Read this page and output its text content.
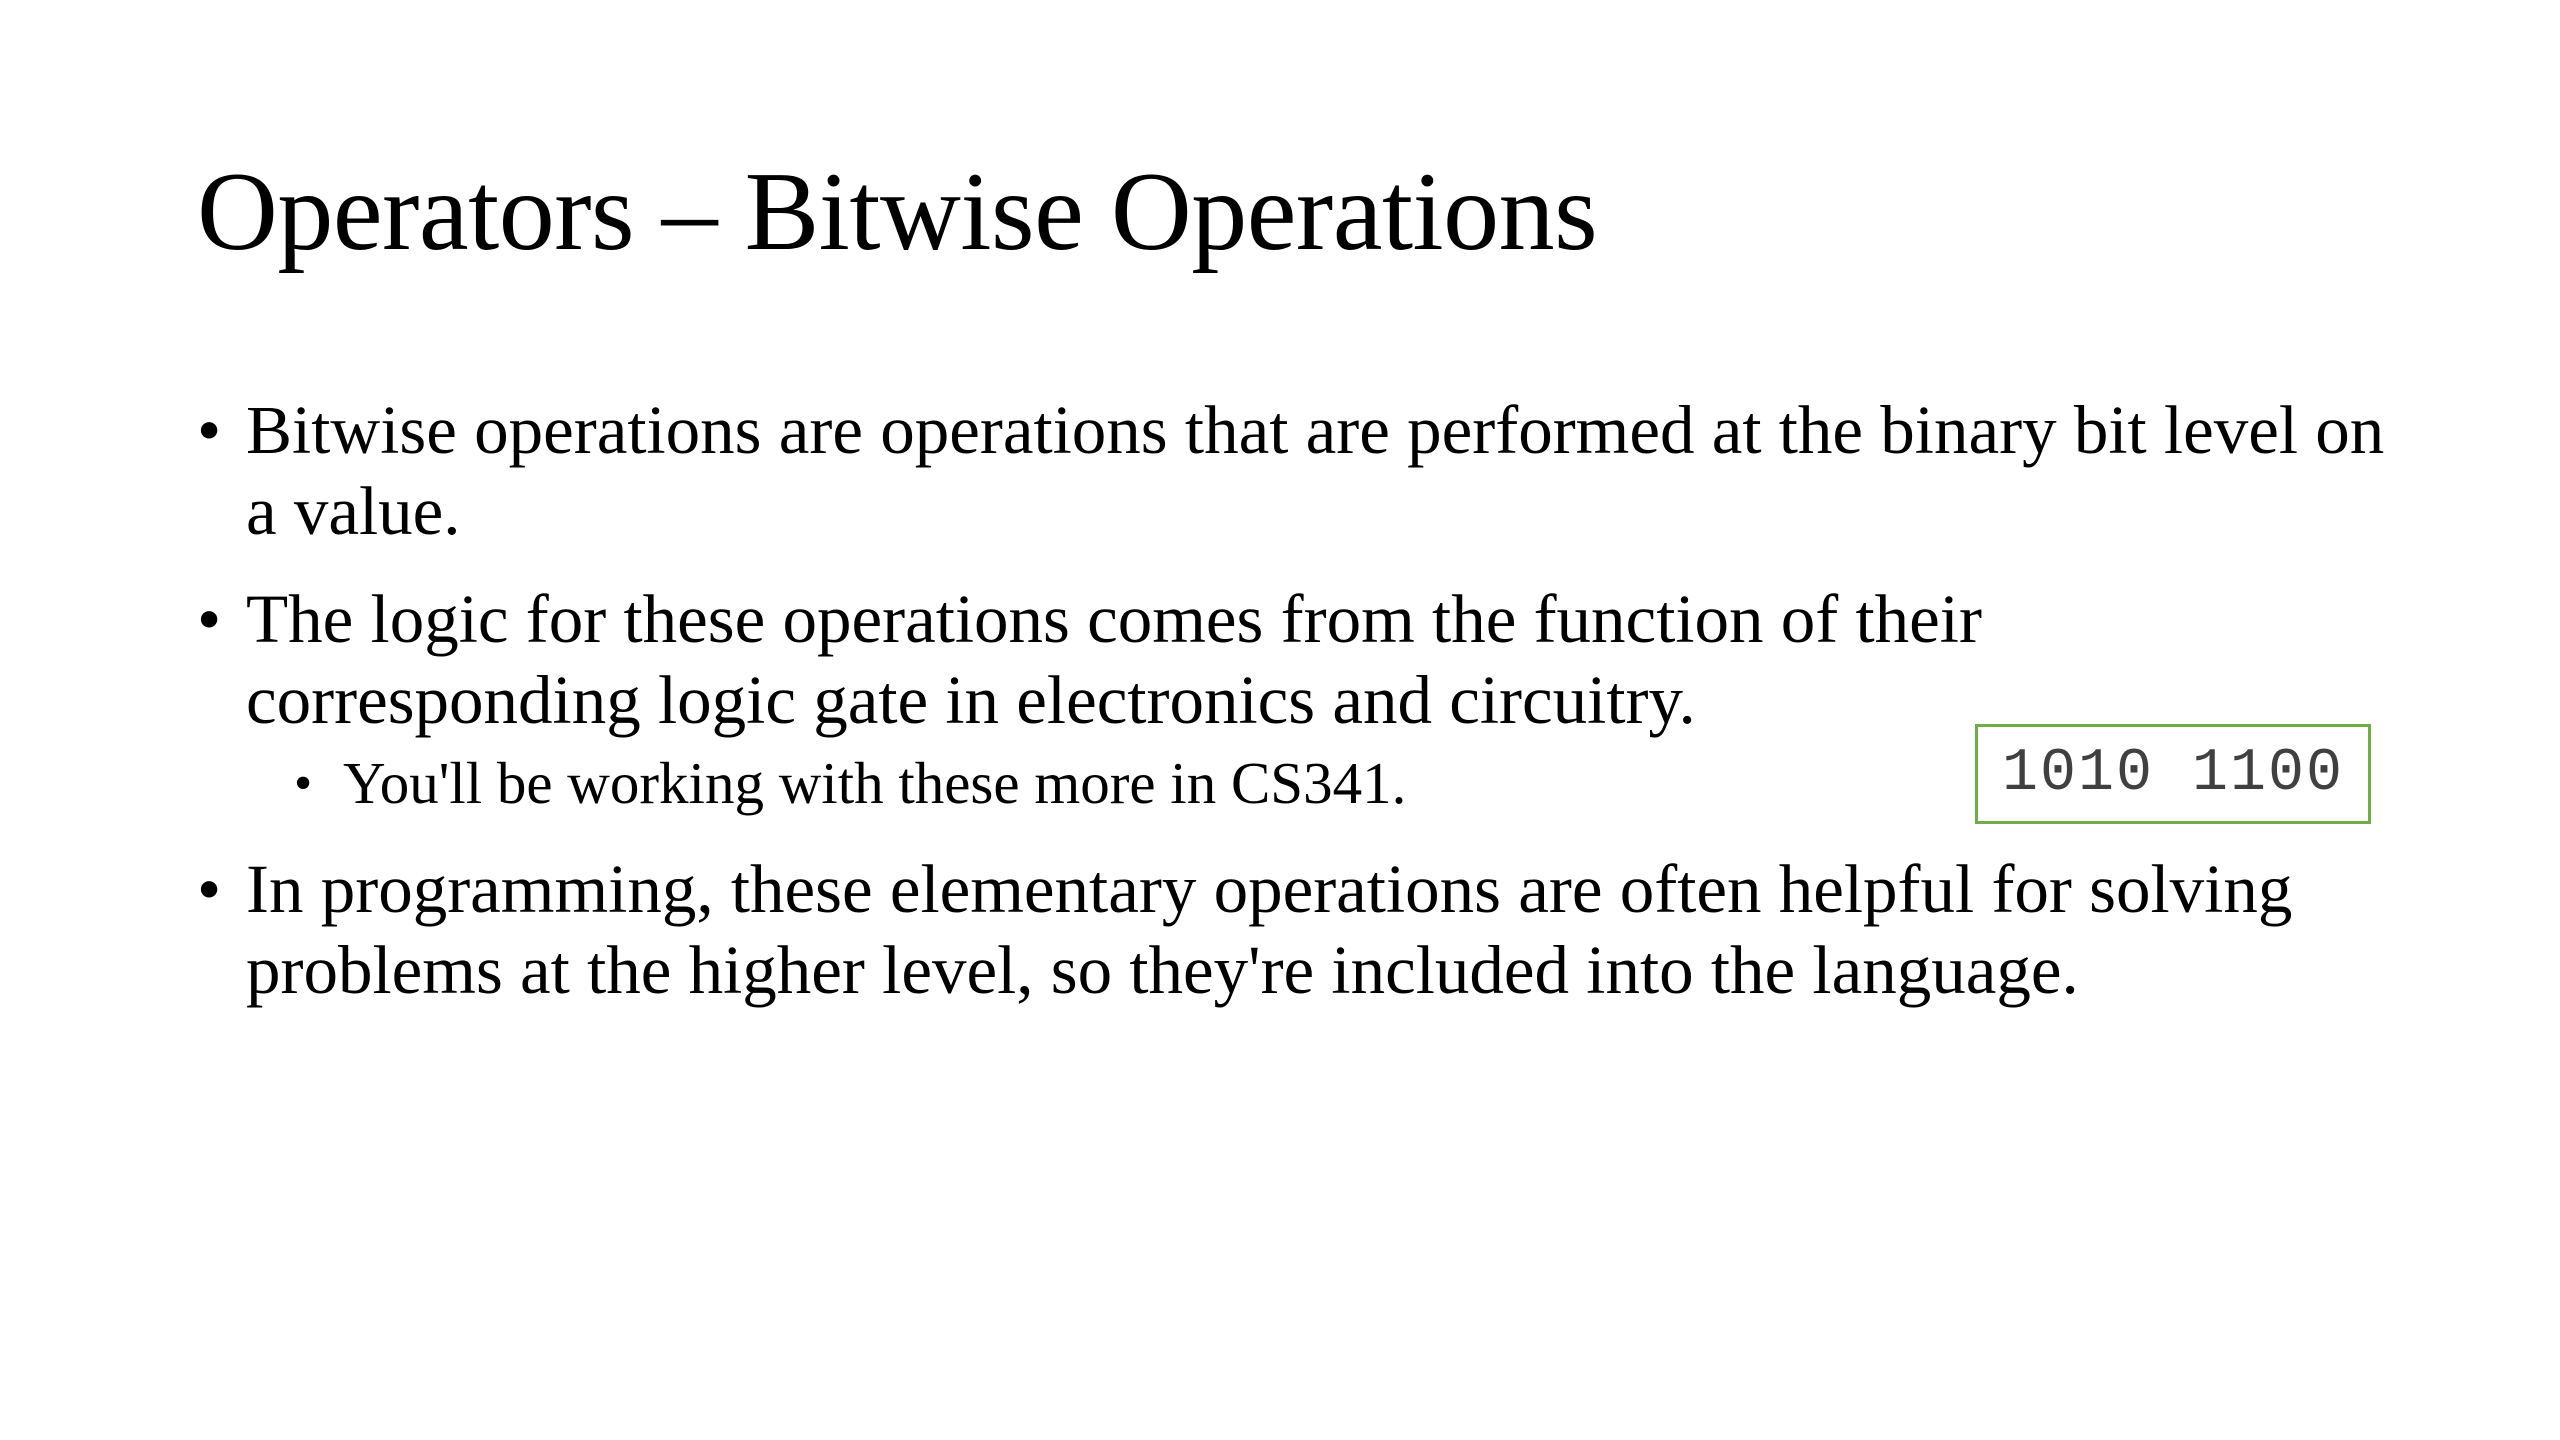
Operators – Bitwise Operations
• Bitwise operations are operations that are performed at the binary bit level on a value.
• The logic for these operations comes from the function of their corresponding logic gate in electronics and circuitry.
• You'll be working with these more in CS341.
• In programming, these elementary operations are often helpful for solving problems at the higher level, so they're included into the language.
1010 1100
